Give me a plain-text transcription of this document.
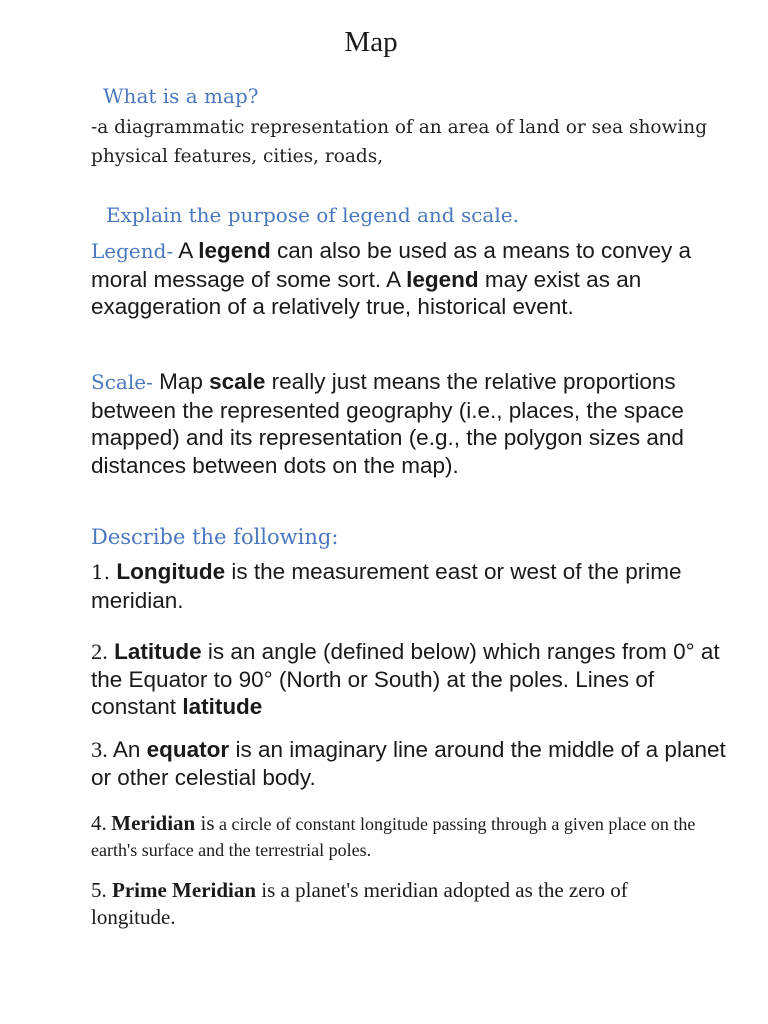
Map
What is a map?
-a diagrammatic representation of an area of land or sea showing physical features, cities, roads,
Explain the purpose of legend and scale.
Legend- A legend can also be used as a means to convey a moral message of some sort. A legend may exist as an exaggeration of a relatively true, historical event.
Scale- Map scale really just means the relative proportions between the represented geography (i.e., places, the space mapped) and its representation (e.g., the polygon sizes and distances between dots on the map).
Describe the following:
1. Longitude is the measurement east or west of the prime meridian.
2. Latitude is an angle (defined below) which ranges from 0° at the Equator to 90° (North or South) at the poles. Lines of constant latitude
3. An equator is an imaginary line around the middle of a planet or other celestial body.
4. Meridian is a circle of constant longitude passing through a given place on the earth's surface and the terrestrial poles.
5. Prime Meridian is a planet's meridian adopted as the zero of longitude.
